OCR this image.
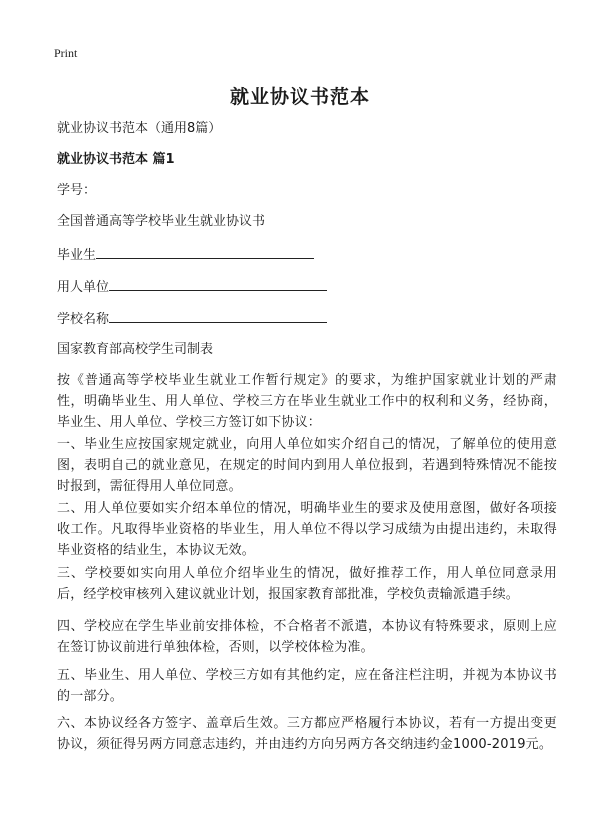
Print
就业协议书范本
就业协议书范本（通用8篇）
就业协议书范本 篇1
学号：
全国普通高等学校毕业生就业协议书
毕业生
用人单位
学校名称
国家教育部高校学生司制表
按《普通高等学校毕业生就业工作暂行规定》的要求，为维护国家就业计划的严肃性，明确毕业生、用人单位、学校三方在毕业生就业工作中的权利和义务，经协商，毕业生、用人单位、学校三方签订如下协议：
一、毕业生应按国家规定就业，向用人单位如实介绍自己的情况，了解单位的使用意图，表明自己的就业意见，在规定的时间内到用人单位报到，若遇到特殊情况不能按时报到，需征得用人单位同意。
二、用人单位要如实介绍本单位的情况，明确毕业生的要求及使用意图，做好各项接收工作。凡取得毕业资格的毕业生，用人单位不得以学习成绩为由提出违约，未取得毕业资格的结业生，本协议无效。
三、学校要如实向用人单位介绍毕业生的情况，做好推荐工作，用人单位同意录用后，经学校审核列入建议就业计划，报国家教育部批准，学校负责输派遣手续。
四、学校应在学生毕业前安排体检，不合格者不派遣，本协议有特殊要求，原则上应在签订协议前进行单独体检，否则，以学校体检为准。
五、毕业生、用人单位、学校三方如有其他约定，应在备注栏注明，并视为本协议书的一部分。
六、本协议经各方签字、盖章后生效。三方都应严格履行本协议，若有一方提出变更协议，须征得另两方同意志违约，并由违约方向另两方各交纳违约金1000-2019元。
